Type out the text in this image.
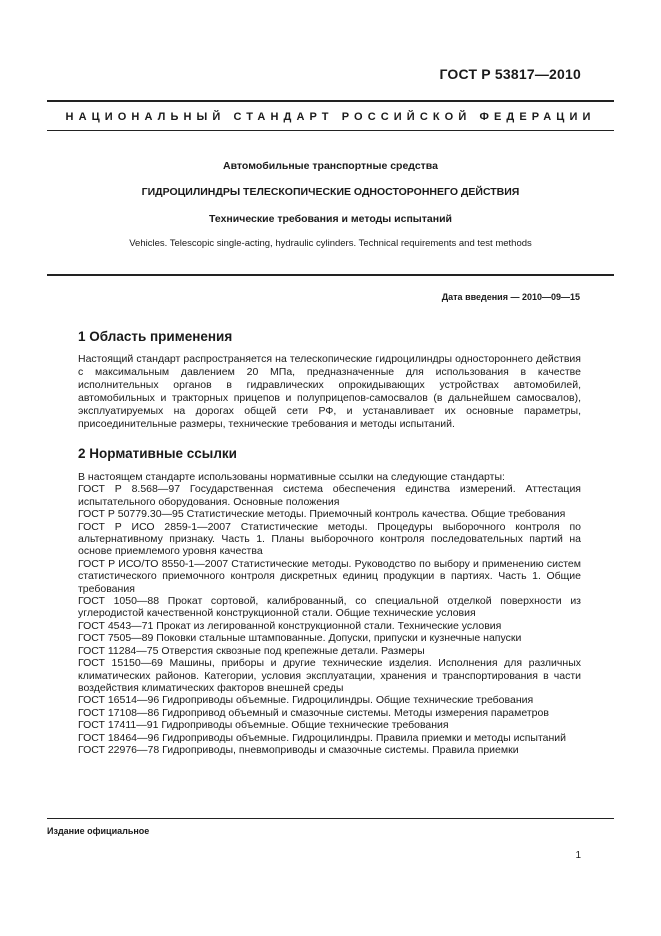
ГОСТ Р 53817—2010
НАЦИОНАЛЬНЫЙ СТАНДАРТ РОССИЙСКОЙ ФЕДЕРАЦИИ
Автомобильные транспортные средства
ГИДРОЦИЛИНДРЫ ТЕЛЕСКОПИЧЕСКИЕ ОДНОСТОРОННЕГО ДЕЙСТВИЯ
Технические требования и методы испытаний
Vehicles. Telescopic single-acting, hydraulic cylinders. Technical requirements and test methods
Дата введения — 2010—09—15
1 Область применения

Настоящий стандарт распространяется на телескопические гидроцилиндры одностороннего действия с максимальным давлением 20 МПа, предназначенные для использования в качестве исполнительных органов в гидравлических опрокидывающих устройствах автомобилей, автомобильных и тракторных прицепов и полуприцепов-самосвалов (в дальнейшем самосвалов), эксплуатируемых на дорогах общей сети РФ, и устанавливает их основные параметры, присоединительные размеры, технические требования и методы испытаний.

2 Нормативные ссылки

В настоящем стандарте использованы нормативные ссылки на следующие стандарты:

ГОСТ Р 8.568—97 Государственная система обеспечения единства измерений. Аттестация испытательного оборудования. Основные положения

ГОСТ Р 50779.30—95 Статистические методы. Приемочный контроль качества. Общие требования

ГОСТ Р ИСО 2859-1—2007 Статистические методы. Процедуры выборочного контроля по альтернативному признаку. Часть 1. Планы выборочного контроля последовательных партий на основе приемлемого уровня качества

ГОСТ Р ИСО/ТО 8550-1—2007 Статистические методы. Руководство по выбору и применению систем статистического приемочного контроля дискретных единиц продукции в партиях. Часть 1. Общие требования

ГОСТ 1050—88 Прокат сортовой, калиброванный, со специальной отделкой поверхности из углеродистой качественной конструкционной стали. Общие технические условия

ГОСТ 4543—71 Прокат из легированной конструкционной стали. Технические условия

ГОСТ 7505—89 Поковки стальные штампованные. Допуски, припуски и кузнечные напуски

ГОСТ 11284—75 Отверстия сквозные под крепежные детали. Размеры

ГОСТ 15150—69 Машины, приборы и другие технические изделия. Исполнения для различных климатических районов. Категории, условия эксплуатации, хранения и транспортирования в части воздействия климатических факторов внешней среды

ГОСТ 16514—96 Гидроприводы объемные. Гидроцилиндры. Общие технические требования

ГОСТ 17108—86 Гидропривод объемный и смазочные системы. Методы измерения параметров

ГОСТ 17411—91 Гидроприводы объемные. Общие технические требования

ГОСТ 18464—96 Гидроприводы объемные. Гидроцилиндры. Правила приемки и методы испытаний

ГОСТ 22976—78 Гидроприводы, пневмоприводы и смазочные системы. Правила приемки

Издание официальное
1
